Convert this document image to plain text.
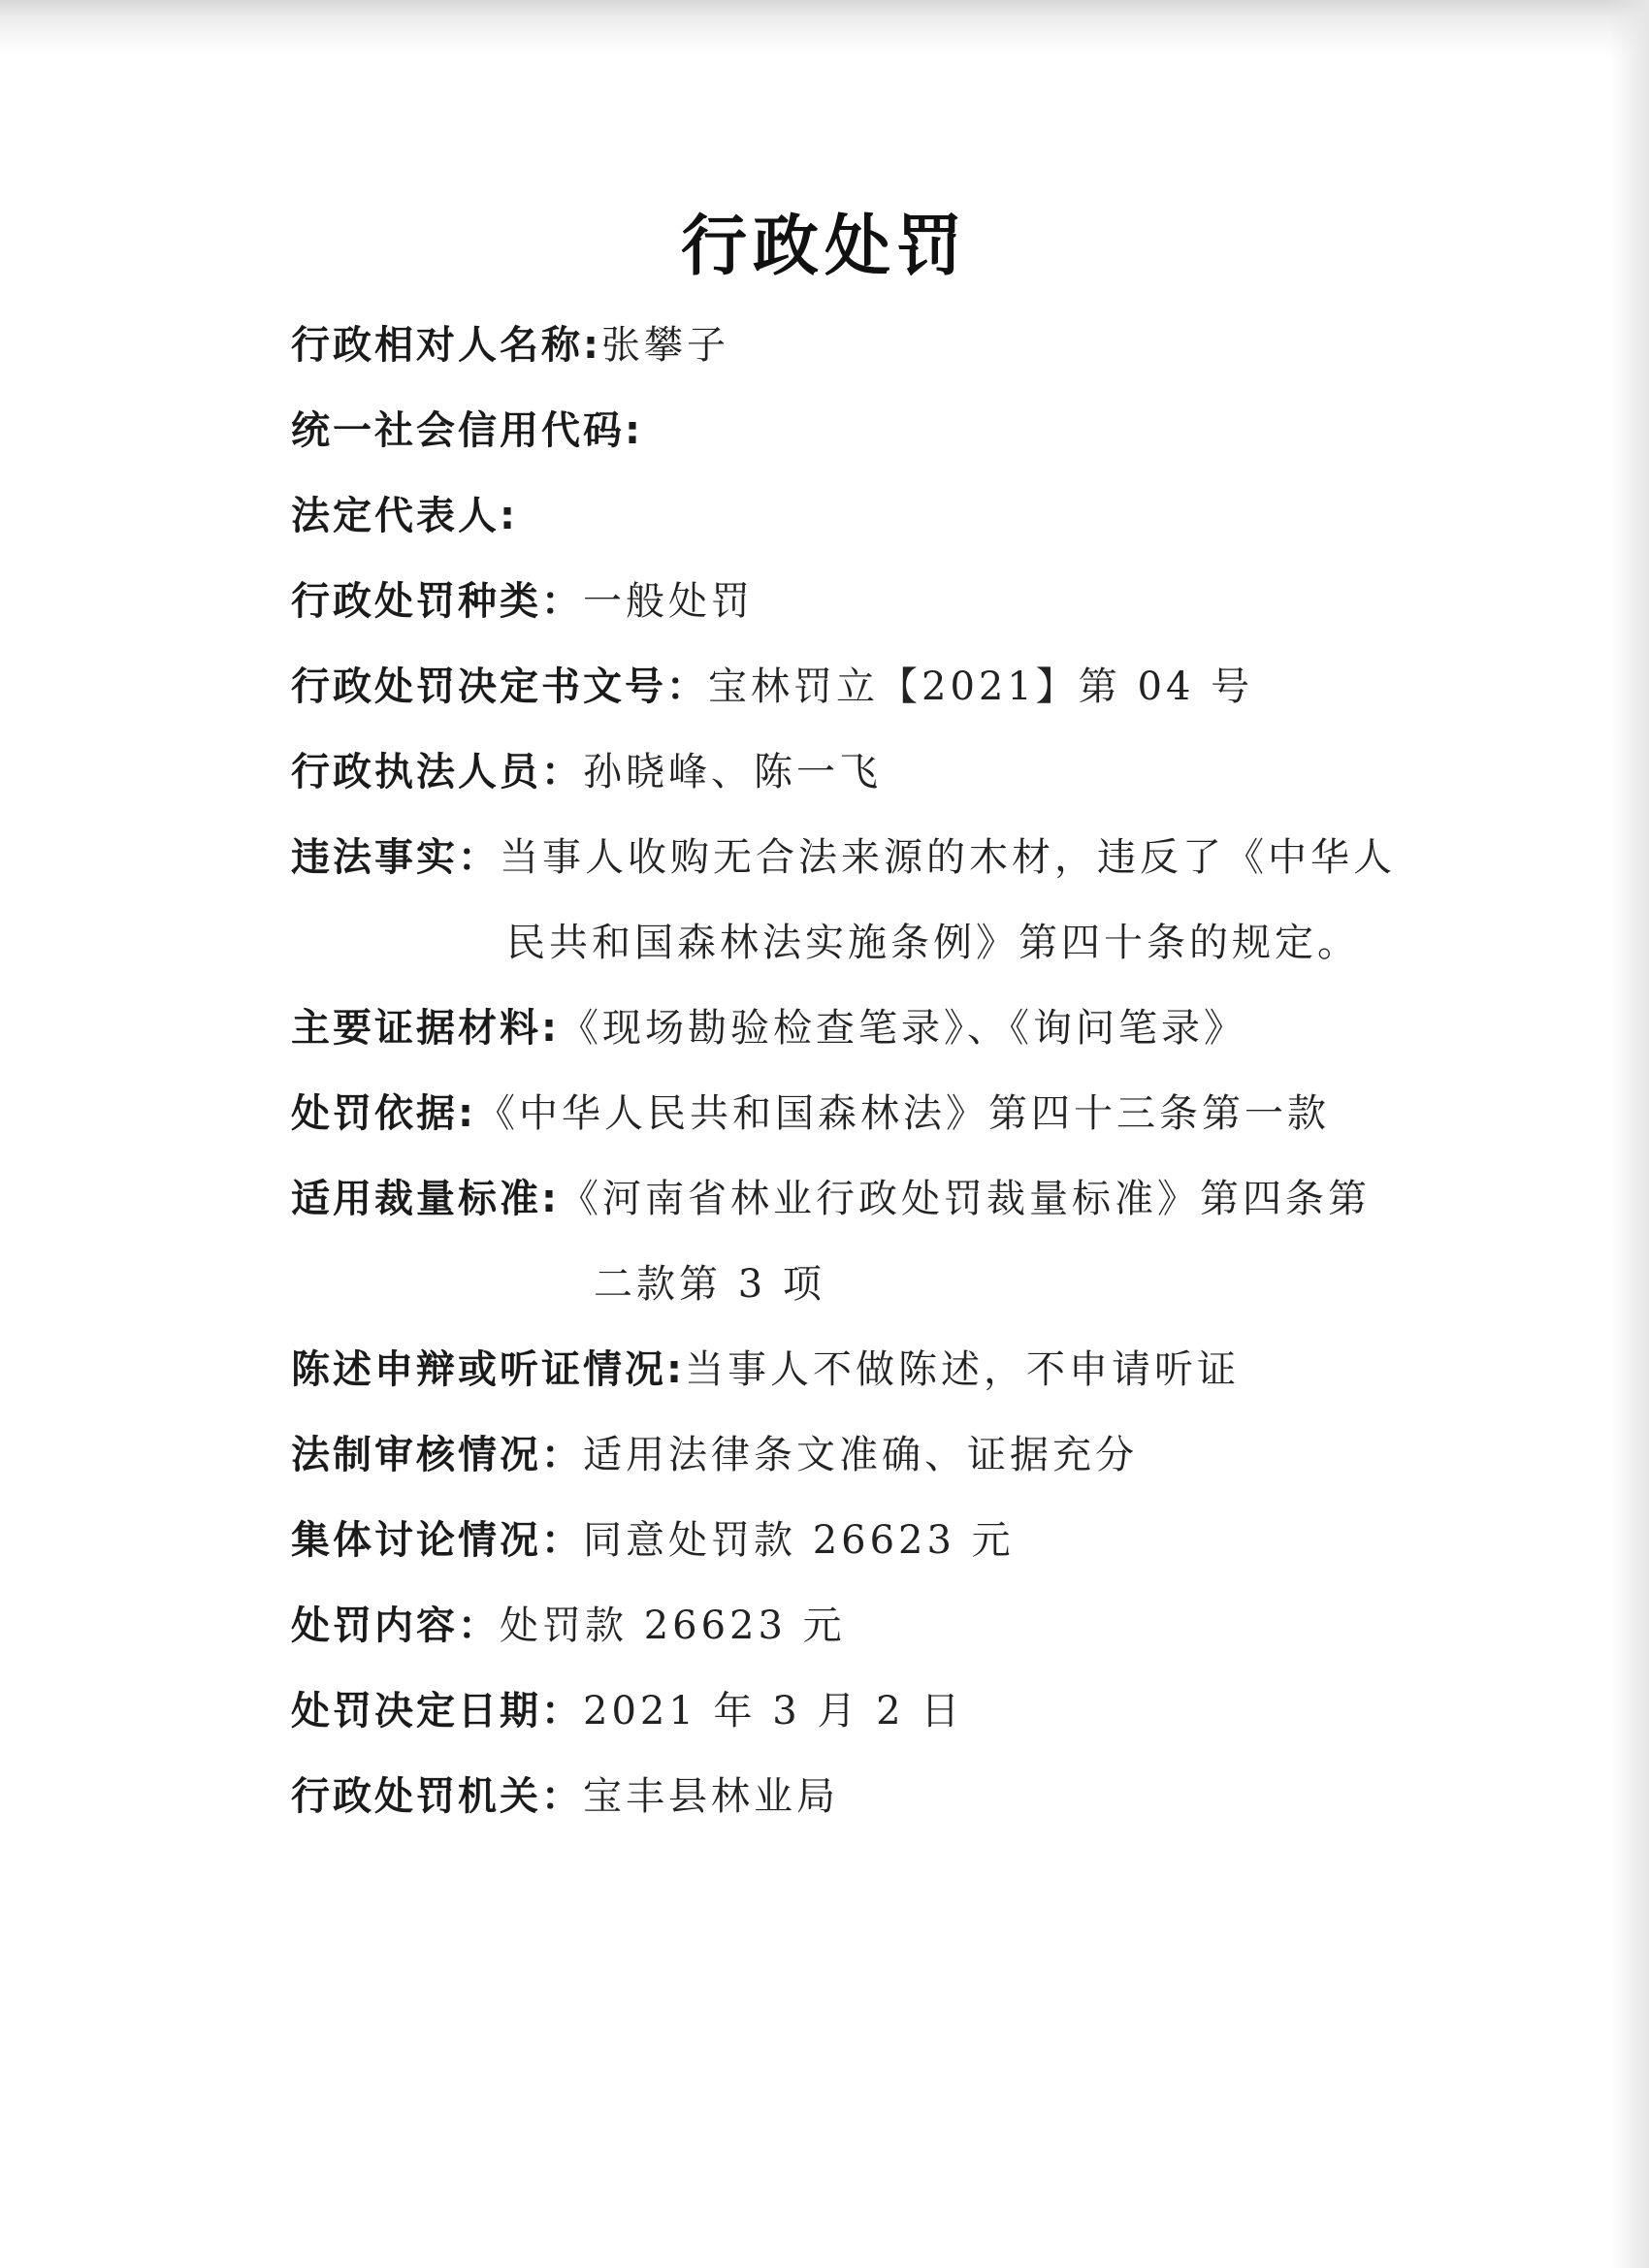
行政处罚
行政相对人名称:张攀子
统一社会信用代码:
法定代表人:
行政处罚种类：一般处罚
行政处罚决定书文号：宝林罚立【2021】第 04 号
行政执法人员：孙晓峰、陈一飞
违法事实：当事人收购无合法来源的木材，违反了《中华人
民共和国森林法实施条例》第四十条的规定。
主要证据材料:《现场勘验检查笔录》、《询问笔录》
处罚依据:《中华人民共和国森林法》第四十三条第一款
适用裁量标准:《河南省林业行政处罚裁量标准》第四条第
二款第 3 项
陈述申辩或听证情况:当事人不做陈述，不申请听证
法制审核情况：适用法律条文准确、证据充分
集体讨论情况：同意处罚款 26623 元
处罚内容：处罚款 26623 元
处罚决定日期：2021 年 3 月 2 日
行政处罚机关：宝丰县林业局
